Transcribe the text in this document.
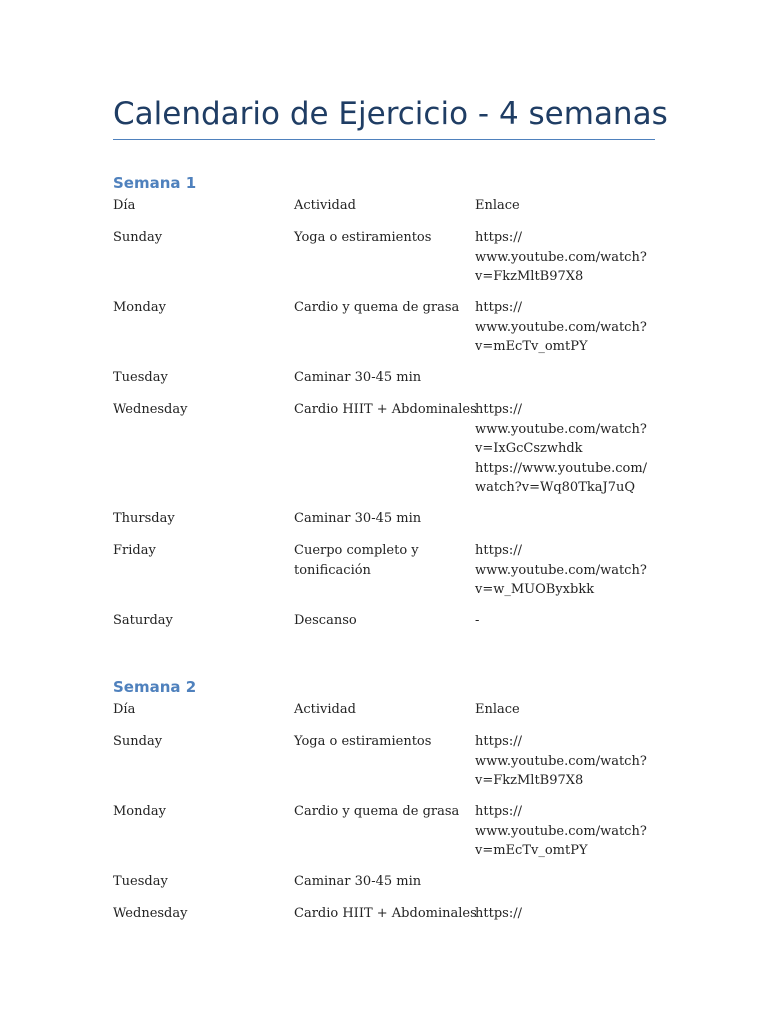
Calendario de Ejercicio - 4 semanas
Semana 1
Día	Actividad	Enlace
Sunday	Yoga o estiramientos	https://
www.youtube.com/watch?
v=FkzMltB97X8
Monday	Cardio y quema de grasa	https://
www.youtube.com/watch?
v=mEcTv_omtPY
Tuesday	Caminar 30-45 min
Wednesday	Cardio HIIT + Abdominales
https://
www.youtube.com/watch?
v=IxGcCszwhdk
https://www.youtube.com/
watch?v=Wq80TkaJ7uQ
Thursday	Caminar 30-45 min
Friday	Cuerpo completo y
tonificación
https://
www.youtube.com/watch?
v=w_MUOByxbkk
Saturday	Descanso	-
Semana 2
Día	Actividad	Enlace
Sunday	Yoga o estiramientos	https://
www.youtube.com/watch?
v=FkzMltB97X8
Monday	Cardio y quema de grasa	https://
www.youtube.com/watch?
v=mEcTv_omtPY
Tuesday	Caminar 30-45 min
Wednesday	Cardio HIIT + Abdominales
https://
